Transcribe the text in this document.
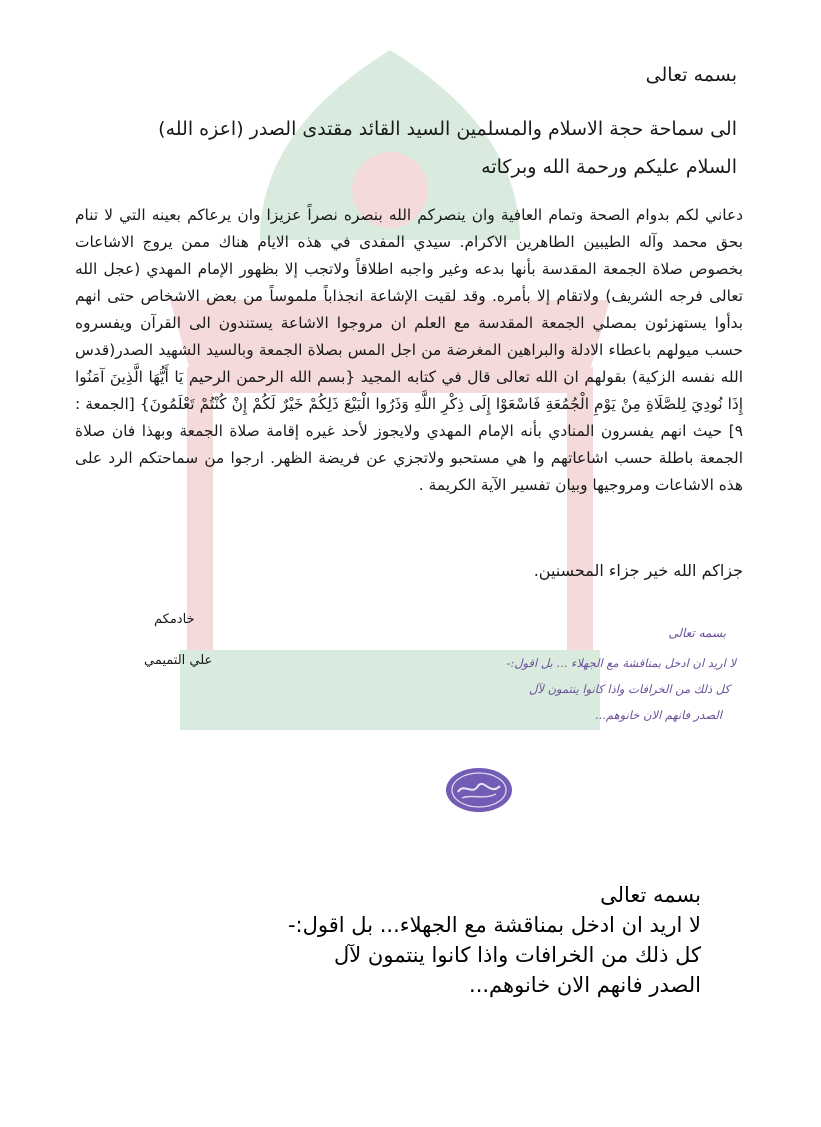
بسمه تعالى
الى سماحة حجة الاسلام والمسلمين السيد القائد مقتدى الصدر (اعزه الله)
السلام عليكم ورحمة الله وبركاته
دعاني لكم بدوام الصحة وتمام العافية وان ينصركم الله بنصره نصراً عزيزا وان يرعاكم بعينه التي لا تنام بحق محمد وآله الطيبين الطاهرين الاكرام. سيدي المفدى في هذه الايام هناك ممن يروج الاشاعات بخصوص صلاة الجمعة المقدسة بأنها بدعه وغير واجبه اطلاقاً ولاتجب إلا بظهور الإمام المهدي (عجل الله تعالى فرجه الشريف) ولاتقام إلا بأمره. وقد لقيت الإشاعة انجذاباً ملموساً من بعض الاشخاص حتى انهم بدأوا يستهزئون بمصلي الجمعة المقدسة مع العلم ان مروجوا الاشاعة يستندون الى القرآن ويفسروه حسب ميولهم باعطاء الادلة والبراهين المغرضة من اجل المس بصلاة الجمعة وبالسيد الشهيد الصدر(قدس الله نفسه الزكية) بقولهم ان الله تعالى قال في كتابه المجيد {بسم الله الرحمن الرحيم يَا أَيُّهَا الَّذِينَ آمَنُوا إِذَا نُودِيَ لِلصَّلَاةِ مِنْ يَوْمِ الْجُمُعَةِ فَاسْعَوْا إِلَى ذِكْرِ اللَّهِ وَذَرُوا الْبَيْعَ ذَلِكُمْ خَيْرٌ لَكُمْ إِنْ كُنْتُمْ تَعْلَمُونَ} [الجمعة : ٩] حيث انهم يفسرون المنادي بأنه الإمام المهدي ولايجوز لأحد غيره إقامة صلاة الجمعة وبهذا فان صلاة الجمعة باطلة حسب اشاعاتهم وا هي مستحبو ولاتجزي عن فريضة الظهر. ارجوا من سماحتكم الرد على هذه الاشاعات ومروجيها وبيان تفسير الآية الكريمة .
جزاكم الله خير جزاء المحسنين.
خادمكم
علي التميمي
بسمه تعالى
لا اريد ان ادخل بمناقشة مع الجهلاء ... بل اقول:-
كل ذلك من الخرافات واذا كانوا ينتمون لآل
الصدر فانهم الان خانوهم...
بسمه تعالى
لا اريد ان ادخل بمناقشة مع الجهلاء... بل اقول:-
كل ذلك من الخرافات واذا كانوا ينتمون لآل
الصدر فانهم الان خانوهم...
